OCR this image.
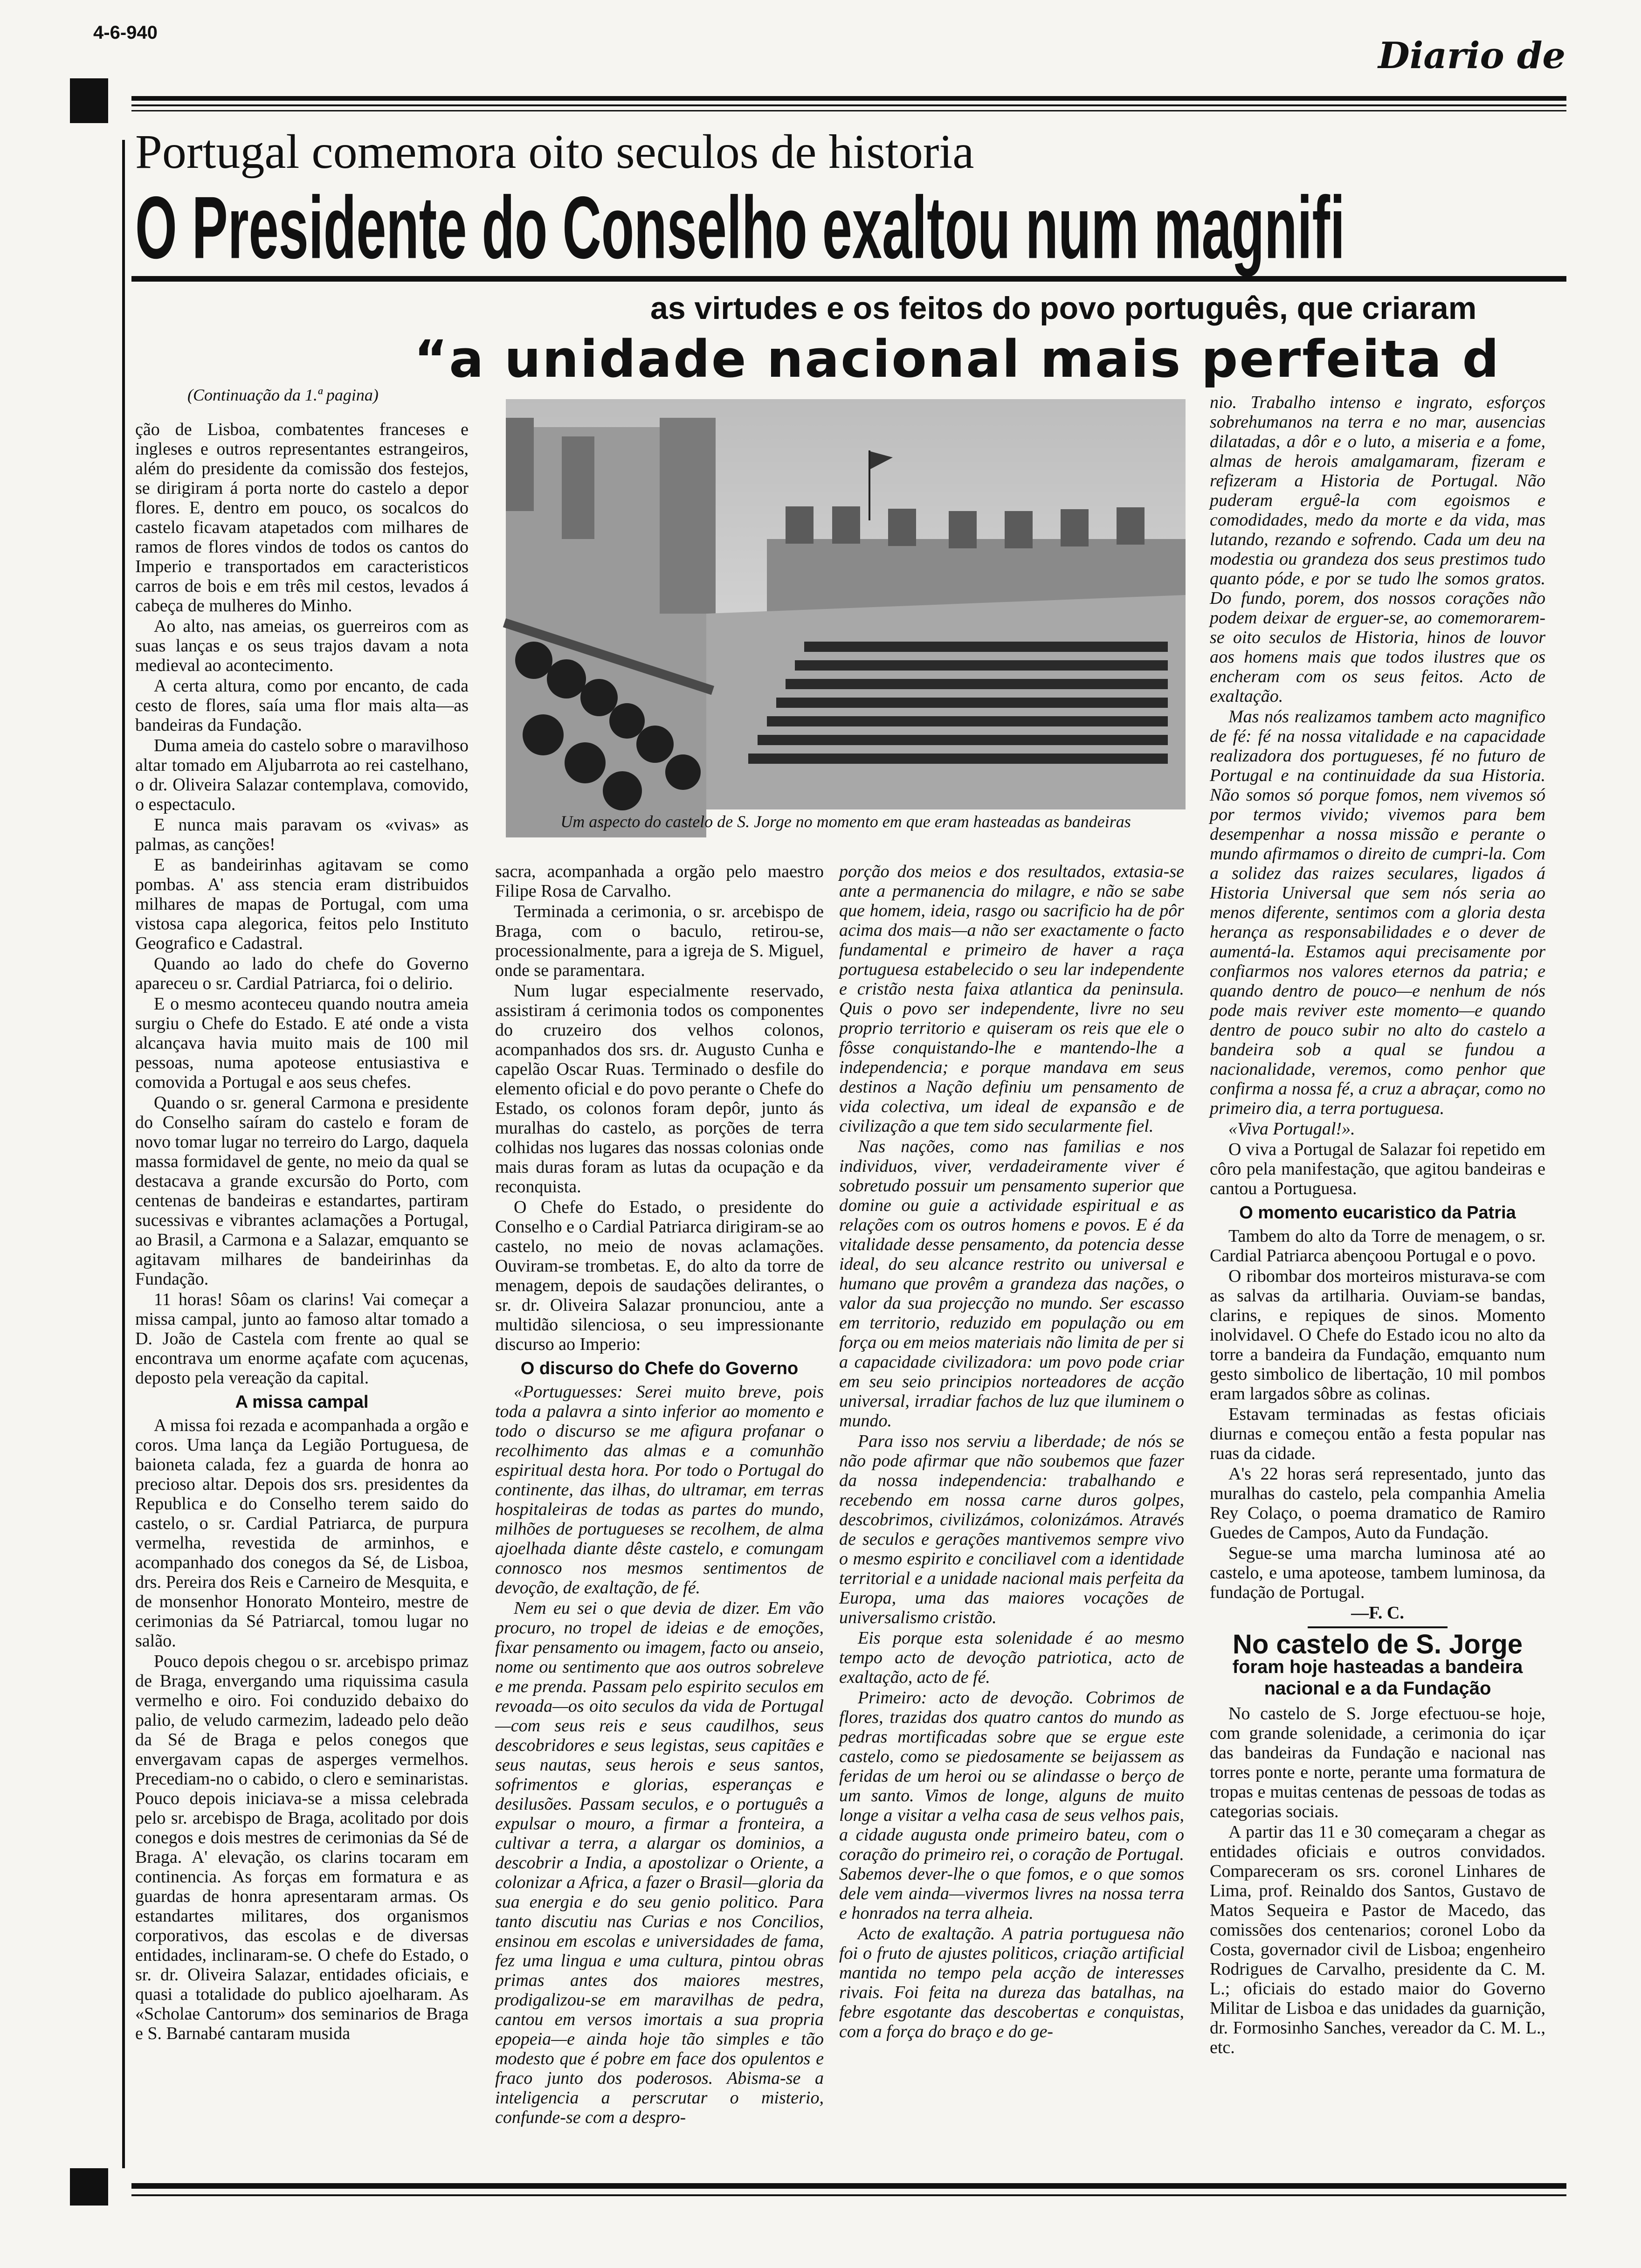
4-6-940
Diario de
Portugal comemora oito seculos de historia
O Presidente do Conselho exaltou num magnifi
as virtudes e os feitos do povo português, que criaram
“a unidade nacional mais perfeita d
(Continuação da 1.ª pagina)
Um aspecto do castelo de S. Jorge no momento em que eram hasteadas as bandeiras

ção de Lisboa, combatentes franceses e ingleses e outros representantes estrangeiros, além do presidente da comissão dos festejos, se dirigiram á porta norte do castelo a depor flores. E, dentro em pouco, os socalcos do castelo ficavam atapetados com milhares de ramos de flores vindos de todos os cantos do Imperio e transportados em caracteristicos carros de bois e em três mil cestos, levados á cabeça de mulheres do Minho.

Ao alto, nas ameias, os guerreiros com as suas lanças e os seus trajos davam a nota medieval ao acontecimento.

A certa altura, como por encanto, de cada cesto de flores, saía uma flor mais alta—as bandeiras da Fundação.

Duma ameia do castelo sobre o maravilhoso altar tomado em Aljubarrota ao rei castelhano, o dr. Oliveira Salazar contemplava, comovido, o espectaculo.

E nunca mais paravam os «vivas» as palmas, as canções!

E as bandeirinhas agitavam se como pombas. A' ass stencia eram distribuidos milhares de mapas de Portugal, com uma vistosa capa alegorica, feitos pelo Instituto Geografico e Cadastral.

Quando ao lado do chefe do Governo apareceu o sr. Cardial Patriarca, foi o delirio.

E o mesmo aconteceu quando noutra ameia surgiu o Chefe do Estado. E até onde a vista alcançava havia muito mais de 100 mil pessoas, numa apoteose entusiastiva e comovida a Portugal e aos seus chefes.

Quando o sr. general Carmona e presidente do Conselho saíram do castelo e foram de novo tomar lugar no terreiro do Largo, daquela massa formidavel de gente, no meio da qual se destacava a grande excursão do Porto, com centenas de bandeiras e estandartes, partiram sucessivas e vibrantes aclamações a Portugal, ao Brasil, a Carmona e a Salazar, emquanto se agitavam milhares de bandeirinhas da Fundação.

11 horas! Sôam os clarins! Vai começar a missa campal, junto ao famoso altar tomado a D. João de Castela com frente ao qual se encontrava um enorme açafate com açucenas, deposto pela vereação da capital.

A missa campal

A missa foi rezada e acompanhada a orgão e coros. Uma lança da Legião Portuguesa, de baioneta calada, fez a guarda de honra ao precioso altar. Depois dos srs. presidentes da Republica e do Conselho terem saido do castelo, o sr. Cardial Patriarca, de purpura vermelha, revestida de arminhos, e acompanhado dos conegos da Sé, de Lisboa, drs. Pereira dos Reis e Carneiro de Mesquita, e de monsenhor Honorato Monteiro, mestre de cerimonias da Sé Patriarcal, tomou lugar no salão.

Pouco depois chegou o sr. arcebispo primaz de Braga, envergando uma riquissima casula vermelho e oiro. Foi conduzido debaixo do palio, de veludo carmezim, ladeado pelo deão da Sé de Braga e pelos conegos que envergavam capas de asperges vermelhos. Precediam-no o cabido, o clero e seminaristas. Pouco depois iniciava-se a missa celebrada pelo sr. arcebispo de Braga, acolitado por dois conegos e dois mestres de cerimonias da Sé de Braga. A' elevação, os clarins tocaram em continencia. As forças em formatura e as guardas de honra apresentaram armas. Os estandartes militares, dos organismos corporativos, das escolas e de diversas entidades, inclinaram-se. O chefe do Estado, o sr. dr. Oliveira Salazar, entidades oficiais, e quasi a totalidade do publico ajoelharam. As «Scholae Cantorum» dos seminarios de Braga e S. Barnabé cantaram musida

sacra, acompanhada a orgão pelo maestro Filipe Rosa de Carvalho.

Terminada a cerimonia, o sr. arcebispo de Braga, com o baculo, retirou-se, processionalmente, para a igreja de S. Miguel, onde se paramentara.

Num lugar especialmente reservado, assistiram á cerimonia todos os componentes do cruzeiro dos velhos colonos, acompanhados dos srs. dr. Augusto Cunha e capelão Oscar Ruas. Terminado o desfile do elemento oficial e do povo perante o Chefe do Estado, os colonos foram depôr, junto ás muralhas do castelo, as porções de terra colhidas nos lugares das nossas colonias onde mais duras foram as lutas da ocupação e da reconquista.

O Chefe do Estado, o presidente do Conselho e o Cardial Patriarca dirigiram-se ao castelo, no meio de novas aclamações. Ouviram-se trombetas. E, do alto da torre de menagem, depois de saudações delirantes, o sr. dr. Oliveira Salazar pronunciou, ante a multidão silenciosa, o seu impressionante discurso ao Imperio:

O discurso do Chefe do Governo

«Portuguesses: Serei muito breve, pois toda a palavra a sinto inferior ao momento e todo o discurso se me afigura profanar o recolhimento das almas e a comunhão espiritual desta hora. Por todo o Portugal do continente, das ilhas, do ultramar, em terras hospitaleiras de todas as partes do mundo, milhões de portugueses se recolhem, de alma ajoelhada diante dêste castelo, e comungam connosco nos mesmos sentimentos de devoção, de exaltação, de fé.

Nem eu sei o que devia de dizer. Em vão procuro, no tropel de ideias e de emoções, fixar pensamento ou imagem, facto ou anseio, nome ou sentimento que aos outros sobreleve e me prenda. Passam pelo espirito seculos em revoada—os oito seculos da vida de Portugal—com seus reis e seus caudilhos, seus descobridores e seus legistas, seus capitães e seus nautas, seus herois e seus santos, sofrimentos e glorias, esperanças e desilusões. Passam seculos, e o português a expulsar o mouro, a firmar a fronteira, a cultivar a terra, a alargar os dominios, a descobrir a India, a apostolizar o Oriente, a colonizar a Africa, a fazer o Brasil—gloria da sua energia e do seu genio politico. Para tanto discutiu nas Curias e nos Concilios, ensinou em escolas e universidades de fama, fez uma lingua e uma cultura, pintou obras primas antes dos maiores mestres, prodigalizou-se em maravilhas de pedra, cantou em versos imortais a sua propria epopeia—e ainda hoje tão simples e tão modesto que é pobre em face dos opulentos e fraco junto dos poderosos. Abisma-se a inteligencia a perscrutar o misterio, confunde-se com a despro-

porção dos meios e dos resultados, extasia-se ante a permanencia do milagre, e não se sabe que homem, ideia, rasgo ou sacrificio ha de pôr acima dos mais—a não ser exactamente o facto fundamental e primeiro de haver a raça portuguesa estabelecido o seu lar independente e cristão nesta faixa atlantica da peninsula. Quis o povo ser independente, livre no seu proprio territorio e quiseram os reis que ele o fôsse conquistando-lhe e mantendo-lhe a independencia; e porque mandava em seus destinos a Nação definiu um pensamento de vida colectiva, um ideal de expansão e de civilização a que tem sido secularmente fiel.

Nas nações, como nas familias e nos individuos, viver, verdadeiramente viver é sobretudo possuir um pensamento superior que domine ou guie a actividade espiritual e as relações com os outros homens e povos. E é da vitalidade desse pensamento, da potencia desse ideal, do seu alcance restrito ou universal e humano que provêm a grandeza das nações, o valor da sua projecção no mundo. Ser escasso em territorio, reduzido em população ou em força ou em meios materiais não limita de per si a capacidade civilizadora: um povo pode criar em seu seio principios norteadores de acção universal, irradiar fachos de luz que iluminem o mundo.

Para isso nos serviu a liberdade; de nós se não pode afirmar que não soubemos que fazer da nossa independencia: trabalhando e recebendo em nossa carne duros golpes, descobrimos, civilizámos, colonizámos. Através de seculos e gerações mantivemos sempre vivo o mesmo espirito e conciliavel com a identidade territorial e a unidade nacional mais perfeita da Europa, uma das maiores vocações de universalismo cristão.

Eis porque esta solenidade é ao mesmo tempo acto de devoção patriotica, acto de exaltação, acto de fé.

Primeiro: acto de devoção. Cobrimos de flores, trazidas dos quatro cantos do mundo as pedras mortificadas sobre que se ergue este castelo, como se piedosamente se beijassem as feridas de um heroi ou se alindasse o berço de um santo. Vimos de longe, alguns de muito longe a visitar a velha casa de seus velhos pais, a cidade augusta onde primeiro bateu, com o coração do primeiro rei, o coração de Portugal. Sabemos dever-lhe o que fomos, e o que somos dele vem ainda—vivermos livres na nossa terra e honrados na terra alheia.

Acto de exaltação. A patria portuguesa não foi o fruto de ajustes politicos, criação artificial mantida no tempo pela acção de interesses rivais. Foi feita na dureza das batalhas, na febre esgotante das descobertas e conquistas, com a força do braço e do ge-

nio. Trabalho intenso e ingrato, esforços sobrehumanos na terra e no mar, ausencias dilatadas, a dôr e o luto, a miseria e a fome, almas de herois amalgamaram, fizeram e refizeram a Historia de Portugal. Não puderam erguê-la com egoismos e comodidades, medo da morte e da vida, mas lutando, rezando e sofrendo. Cada um deu na modestia ou grandeza dos seus prestimos tudo quanto póde, e por se tudo lhe somos gratos. Do fundo, porem, dos nossos corações não podem deixar de erguer-se, ao comemorarem-se oito seculos de Historia, hinos de louvor aos homens mais que todos ilustres que os encheram com os seus feitos. Acto de exaltação.

Mas nós realizamos tambem acto magnifico de fé: fé na nossa vitalidade e na capacidade realizadora dos portugueses, fé no futuro de Portugal e na continuidade da sua Historia. Não somos só porque fomos, nem vivemos só por termos vivido; vivemos para bem desempenhar a nossa missão e perante o mundo afirmamos o direito de cumpri-la. Com a solidez das raizes seculares, ligados á Historia Universal que sem nós seria ao menos diferente, sentimos com a gloria desta herança as responsabilidades e o dever de aumentá-la. Estamos aqui precisamente por confiarmos nos valores eternos da patria; e quando dentro de pouco—e nenhum de nós pode mais reviver este momento—e quando dentro de pouco subir no alto do castelo a bandeira sob a qual se fundou a nacionalidade, veremos, como penhor que confirma a nossa fé, a cruz a abraçar, como no primeiro dia, a terra portuguesa.

«Viva Portugal!».

O viva a Portugal de Salazar foi repetido em côro pela manifestação, que agitou bandeiras e cantou a Portuguesa.

O momento eucaristico da Patria

Tambem do alto da Torre de menagem, o sr. Cardial Patriarca abençoou Portugal e o povo.

O ribombar dos morteiros misturava-se com as salvas da artilharia. Ouviam-se bandas, clarins, e repiques de sinos. Momento inolvidavel. O Chefe do Estado icou no alto da torre a bandeira da Fundação, emquanto num gesto simbolico de libertação, 10 mil pombos eram largados sôbre as colinas.

Estavam terminadas as festas oficiais diurnas e começou então a festa popular nas ruas da cidade.

A's 22 horas será representado, junto das muralhas do castelo, pela companhia Amelia Rey Colaço, o poema dramatico de Ramiro Guedes de Campos, Auto da Fundação.

Segue-se uma marcha luminosa até ao castelo, e uma apoteose, tambem luminosa, da fundação de Portugal.

—F. C.
No castelo de S. Jorge
foram hoje hasteadas a bandeira nacional e a da Fundação

No castelo de S. Jorge efectuou-se hoje, com grande solenidade, a cerimonia do içar das bandeiras da Fundação e nacional nas torres ponte e norte, perante uma formatura de tropas e muitas centenas de pessoas de todas as categorias sociais.

A partir das 11 e 30 começaram a chegar as entidades oficiais e outros convidados. Compareceram os srs. coronel Linhares de Lima, prof. Reinaldo dos Santos, Gustavo de Matos Sequeira e Pastor de Macedo, das comissões dos centenarios; coronel Lobo da Costa, governador civil de Lisboa; engenheiro Rodrigues de Carvalho, presidente da C. M. L.; oficiais do estado maior do Governo Militar de Lisboa e das unidades da guarnição, dr. Formosinho Sanches, vereador da C. M. L., etc.
